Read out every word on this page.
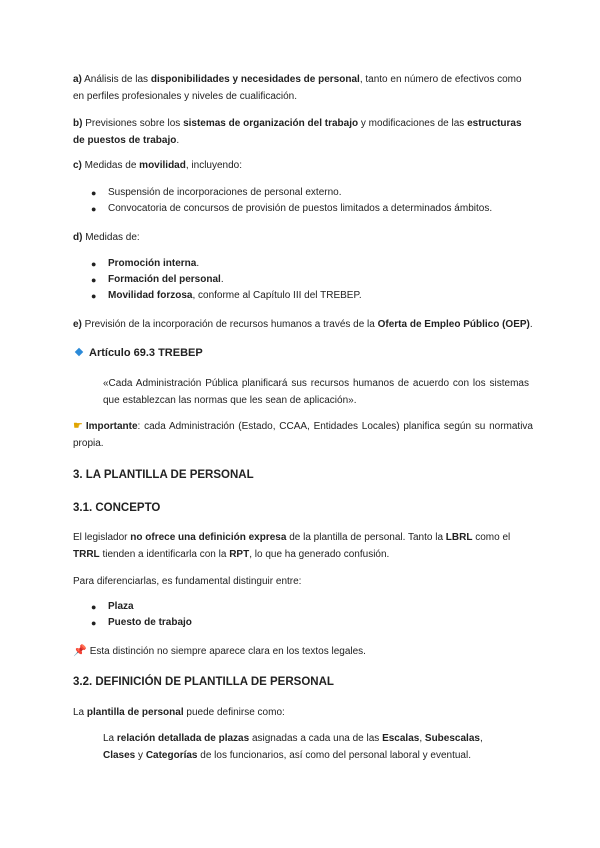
a) Análisis de las disponibilidades y necesidades de personal, tanto en número de efectivos como en perfiles profesionales y niveles de cualificación.
b) Previsiones sobre los sistemas de organización del trabajo y modificaciones de las estructuras de puestos de trabajo.
c) Medidas de movilidad, incluyendo:
● Suspensión de incorporaciones de personal externo.
● Convocatoria de concursos de provisión de puestos limitados a determinados ámbitos.
d) Medidas de:
● Promoción interna.
● Formación del personal.
● Movilidad forzosa, conforme al Capítulo III del TREBEP.
e) Previsión de la incorporación de recursos humanos a través de la Oferta de Empleo Público (OEP).
Artículo 69.3 TREBEP
«Cada Administración Pública planificará sus recursos humanos de acuerdo con los sistemas que establezcan las normas que les sean de aplicación».
☛ Importante: cada Administración (Estado, CCAA, Entidades Locales) planifica según su normativa propia.
3. LA PLANTILLA DE PERSONAL
3.1. CONCEPTO
El legislador no ofrece una definición expresa de la plantilla de personal. Tanto la LBRL como el TRRL tienden a identificarla con la RPT, lo que ha generado confusión.
Para diferenciarlas, es fundamental distinguir entre:
● Plaza
● Puesto de trabajo
📌 Esta distinción no siempre aparece clara en los textos legales.
3.2. DEFINICIÓN DE PLANTILLA DE PERSONAL
La plantilla de personal puede definirse como:
La relación detallada de plazas asignadas a cada una de las Escalas, Subescalas, Clases y Categorías de los funcionarios, así como del personal laboral y eventual.
